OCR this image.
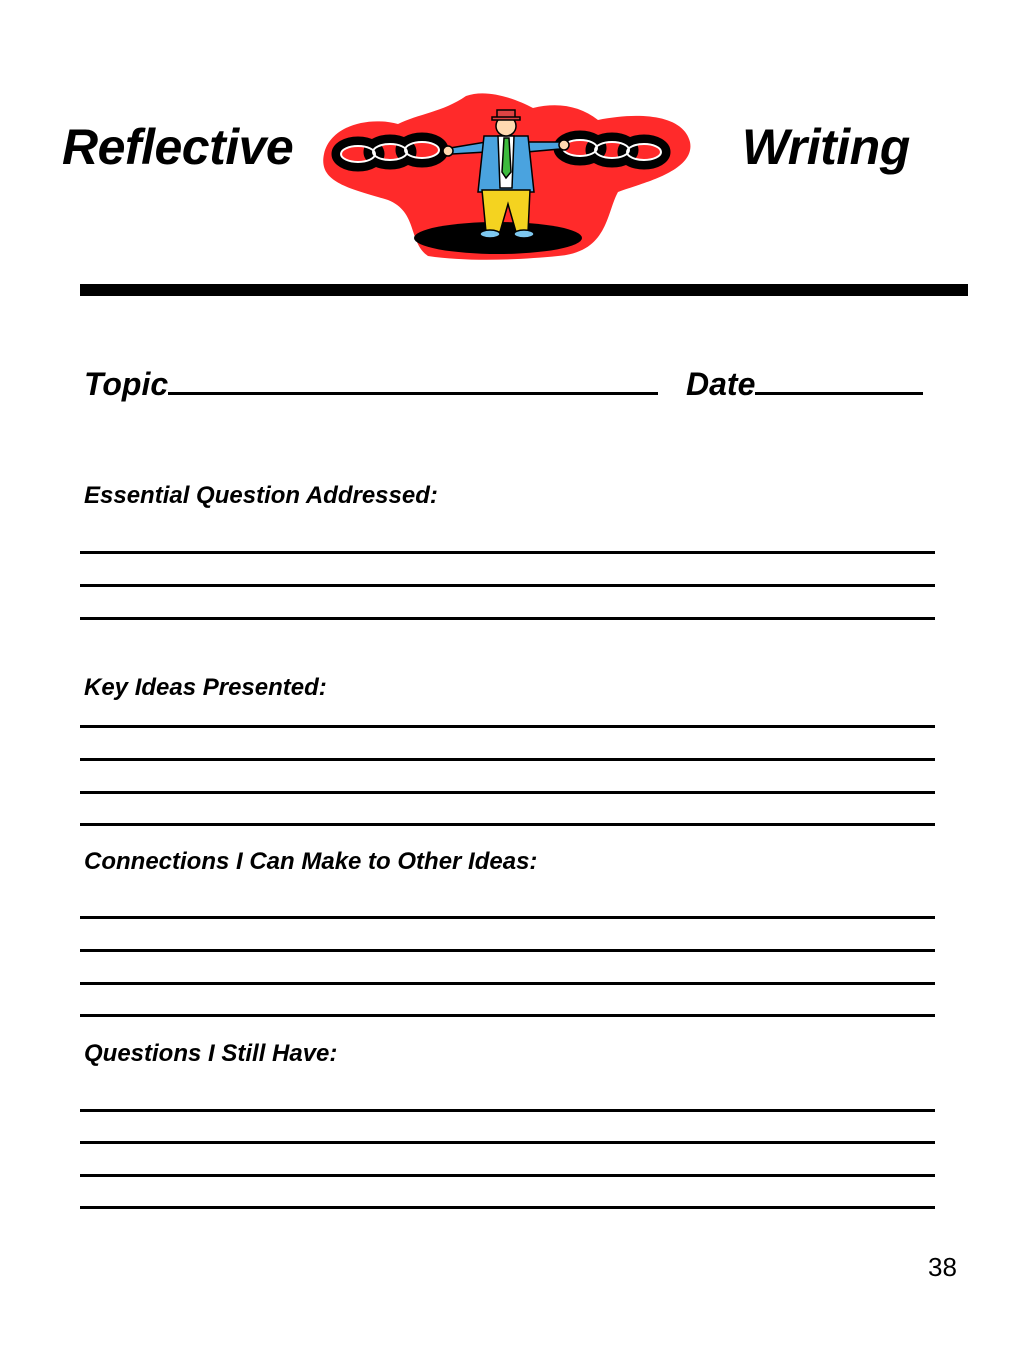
Reflective	Writing
Topic	Date
Essential Question Addressed:
Key Ideas Presented:
Connections I Can Make to Other Ideas:
Questions I Still Have:
38
